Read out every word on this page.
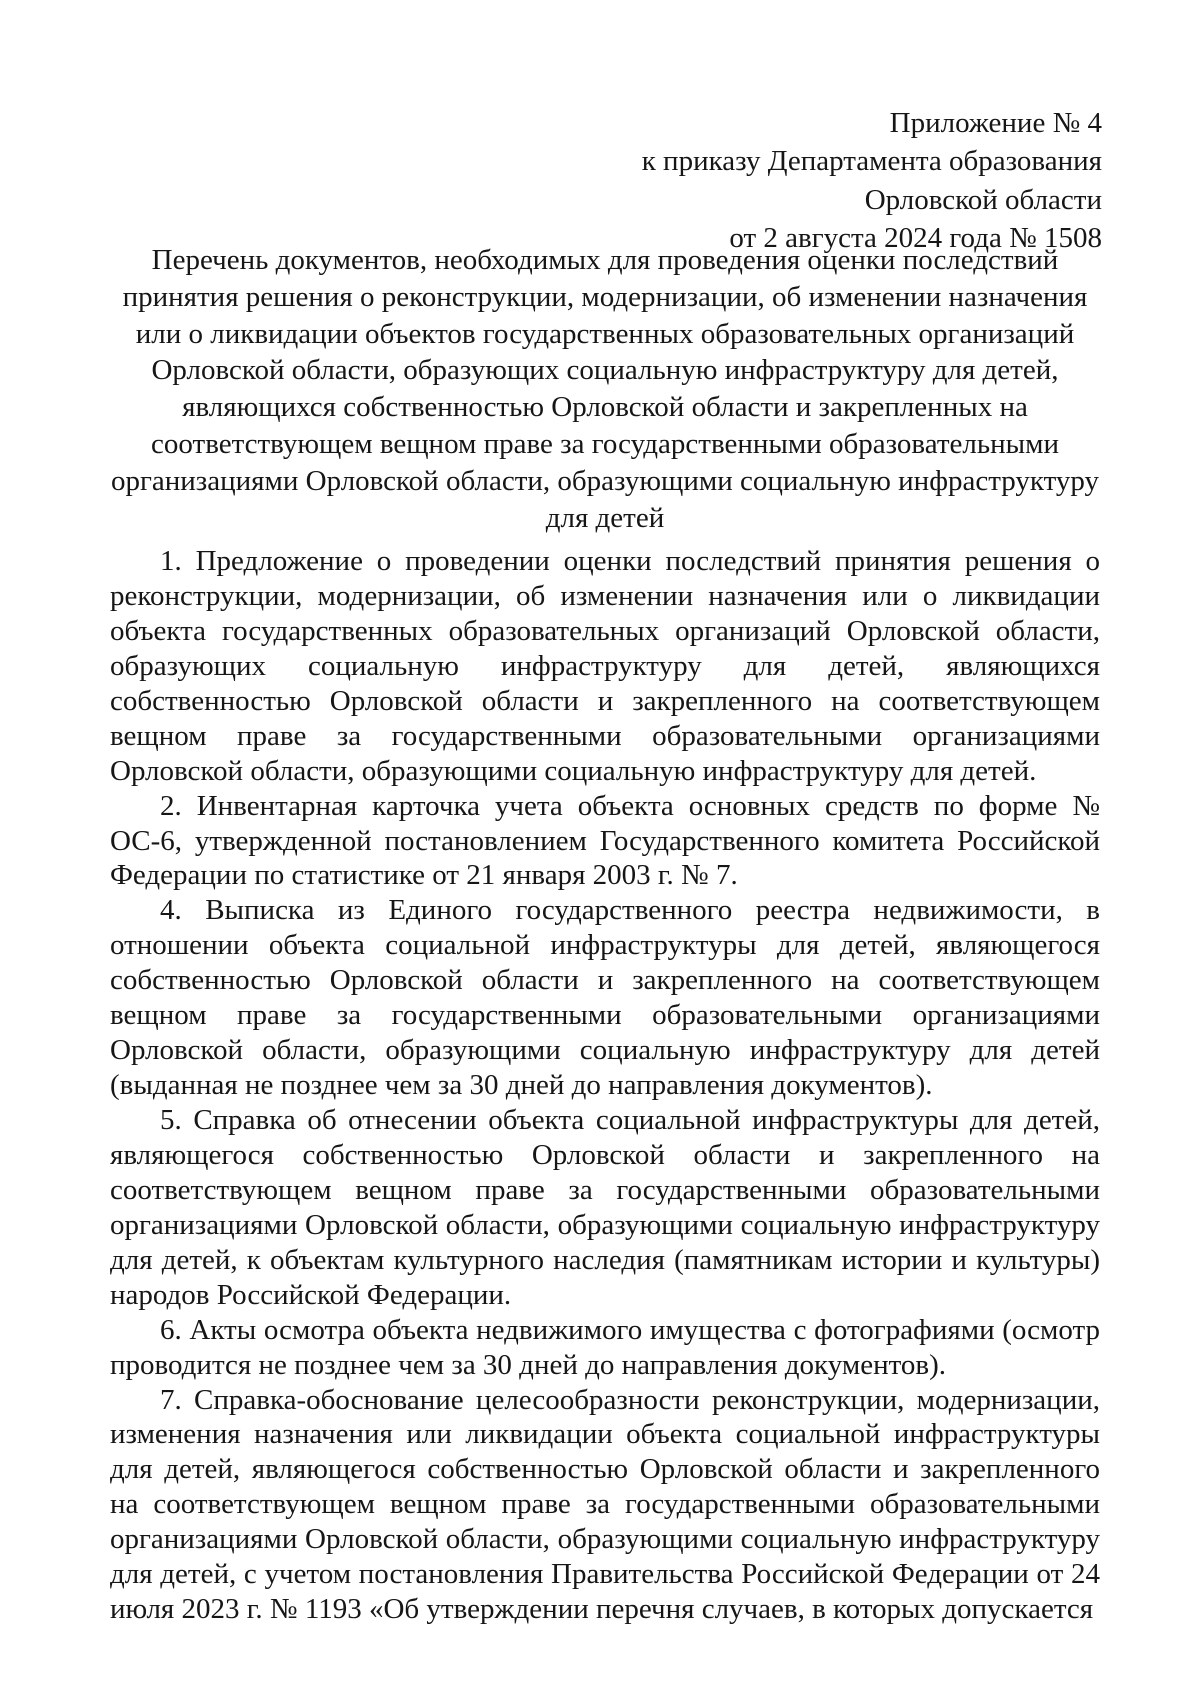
Приложение № 4
к приказу Департамента образования
Орловской области
от 2 августа 2024 года № 1508
Перечень документов, необходимых для проведения оценки последствий
принятия решения о реконструкции, модернизации, об изменении назначения
или о ликвидации объектов государственных образовательных организаций
Орловской области, образующих социальную инфраструктуру для детей,
являющихся собственностью Орловской области и закрепленных на
соответствующем вещном праве за государственными образовательными
организациями Орловской области, образующими социальную инфраструктуру
для детей

1. Предложение о проведении оценки последствий принятия решения о реконструкции, модернизации, об изменении назначения или о ликвидации объекта государственных образовательных организаций Орловской области, образующих социальную инфраструктуру для детей, являющихся собственностью Орловской области и закрепленного на соответствующем вещном праве за государственными образовательными организациями Орловской области, образующими социальную инфраструктуру для детей.

2. Инвентарная карточка учета объекта основных средств по форме № ОС-6, утвержденной постановлением Государственного комитета Российской Федерации по статистике от 21 января 2003 г. № 7.

4. Выписка из Единого государственного реестра недвижимости, в отношении объекта социальной инфраструктуры для детей, являющегося собственностью Орловской области и закрепленного на соответствующем вещном праве за государственными образовательными организациями Орловской области, образующими социальную инфраструктуру для детей (выданная не позднее чем за 30 дней до направления документов).

5. Справка об отнесении объекта социальной инфраструктуры для детей, являющегося собственностью Орловской области и закрепленного на соответствующем вещном праве за государственными образовательными организациями Орловской области, образующими социальную инфраструктуру для детей, к объектам культурного наследия (памятникам истории и культуры) народов Российской Федерации.

6. Акты осмотра объекта недвижимого имущества с фотографиями (осмотр проводится не позднее чем за 30 дней до направления документов).

7. Справка-обоснование целесообразности реконструкции, модернизации, изменения назначения или ликвидации объекта социальной инфраструктуры для детей, являющегося собственностью Орловской области и закрепленного на соответствующем вещном праве за государственными образовательными организациями Орловской области, образующими социальную инфраструктуру для детей, с учетом постановления Правительства Российской Федерации от 24 июля 2023 г. № 1193 «Об утверждении перечня случаев, в которых допускается
